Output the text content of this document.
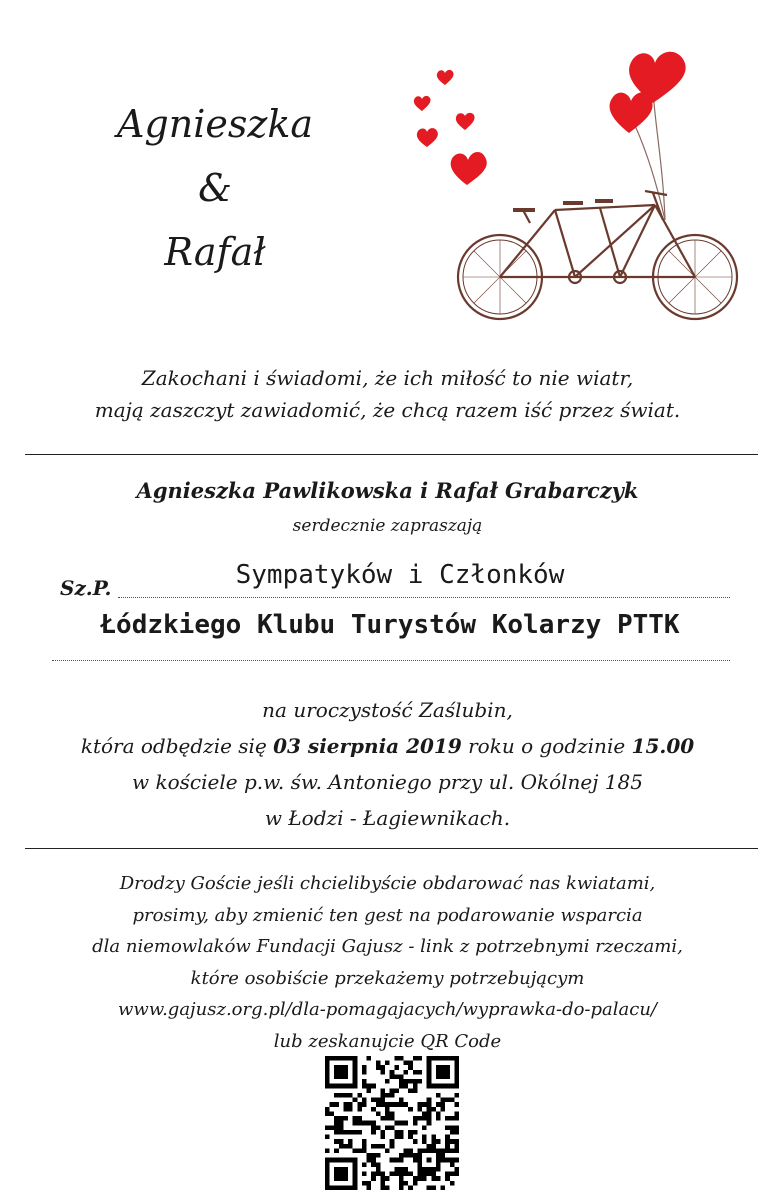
Agnieszka
&
Rafał
Zakochani i świadomi, że ich miłość to nie wiatr,
mają zaszczyt zawiadomić, że chcą razem iść przez świat.
Agnieszka Pawlikowska i Rafał Grabarczyk
serdecznie zapraszają
Sz.P.	Sympatyków i Członków
Łódzkiego Klubu Turystów Kolarzy PTTK
na uroczystość Zaślubin,
która odbędzie się 03 sierpnia 2019 roku o godzinie 15.00
w kościele p.w. św. Antoniego przy ul. Okólnej 185
w Łodzi - Łagiewnikach.
Drodzy Goście jeśli chcielibyście obdarować nas kwiatami,
prosimy, aby zmienić ten gest na podarowanie wsparcia
dla niemowlaków Fundacji Gajusz - link z potrzebnymi rzeczami,
które osobiście przekażemy potrzebującym
www.gajusz.org.pl/dla-pomagajacych/wyprawka-do-palacu/
lub zeskanujcie QR Code
